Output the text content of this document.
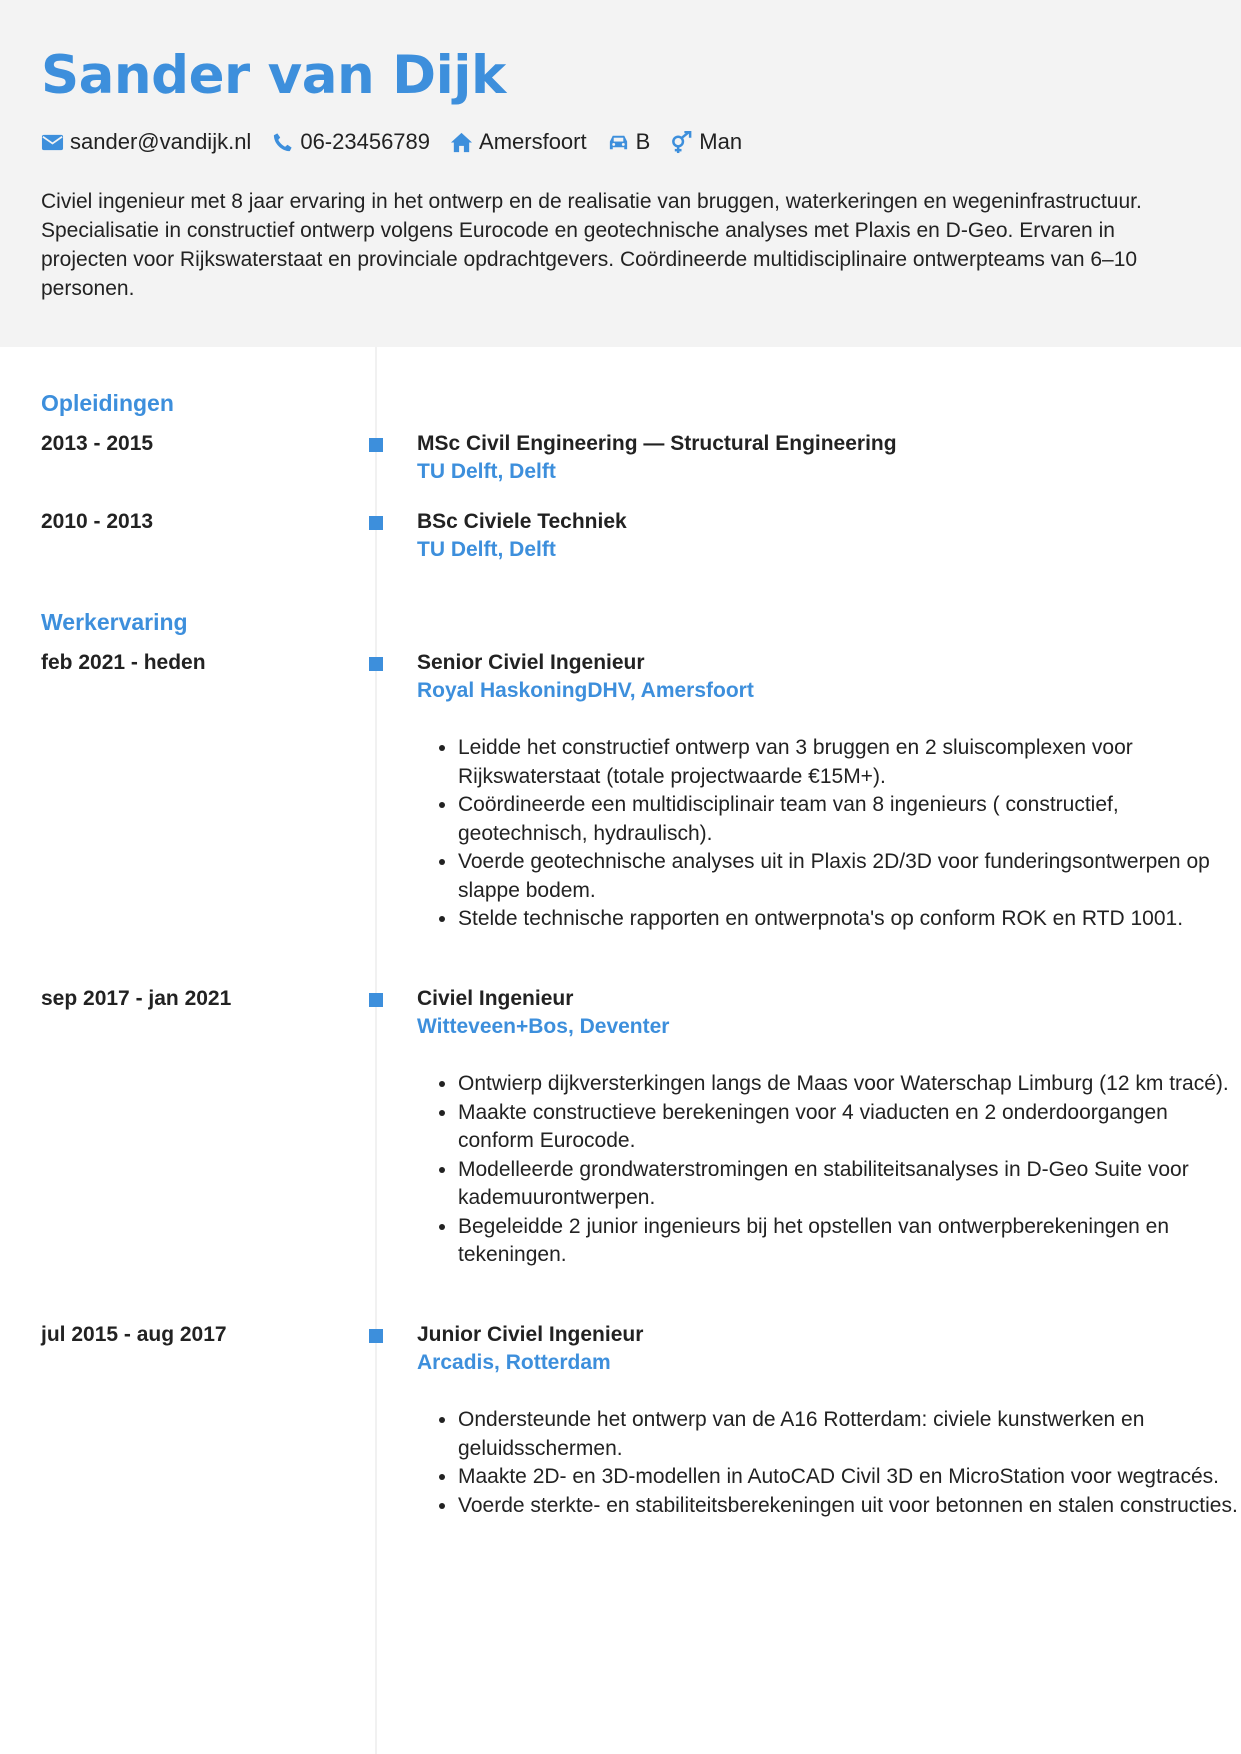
Sander van Dijk
sander@vandijk.nl 06-23456789 Amersfoort B Man

Civiel ingenieur met 8 jaar ervaring in het ontwerp en de realisatie van bruggen, waterkeringen en wegeninfrastructuur. Specialisatie in constructief ontwerp volgens Eurocode en geotechnische analyses met Plaxis en D-Geo. Ervaren in projecten voor Rijkswaterstaat en provinciale opdrachtgevers. Coördineerde multidisciplinaire ontwerpteams van 6–10 personen.

Opleidingen
2013 - 2015	MSc Civil Engineering — Structural Engineering
TU Delft, Delft
2010 - 2013	BSc Civiele Techniek
TU Delft, Delft
Werkervaring
feb 2021 - heden	Senior Civiel Ingenieur
Royal HaskoningDHV, Amersfoort
• Leidde het constructief ontwerp van 3 bruggen en 2 sluiscomplexen voor Rijkswaterstaat (totale projectwaarde €15M+).
• Coördineerde een multidisciplinair team van 8 ingenieurs ( constructief, geotechnisch, hydraulisch).
• Voerde geotechnische analyses uit in Plaxis 2D/3D voor funderingsontwerpen op slappe bodem.
• Stelde technische rapporten en ontwerpnota's op conform ROK en RTD 1001.
sep 2017 - jan 2021	Civiel Ingenieur
Witteveen+Bos, Deventer
• Ontwierp dijkversterkingen langs de Maas voor Waterschap Limburg (12 km tracé).
• Maakte constructieve berekeningen voor 4 viaducten en 2 onderdoorgangen conform Eurocode.
• Modelleerde grondwaterstromingen en stabiliteitsanalyses in D-Geo Suite voor kademuurontwerpen.
• Begeleidde 2 junior ingenieurs bij het opstellen van ontwerpberekeningen en tekeningen.
jul 2015 - aug 2017	Junior Civiel Ingenieur
Arcadis, Rotterdam
• Ondersteunde het ontwerp van de A16 Rotterdam: civiele kunstwerken en geluidsschermen.
• Maakte 2D- en 3D-modellen in AutoCAD Civil 3D en MicroStation voor wegtracés.
• Voerde sterkte- en stabiliteitsberekeningen uit voor betonnen en stalen constructies.
